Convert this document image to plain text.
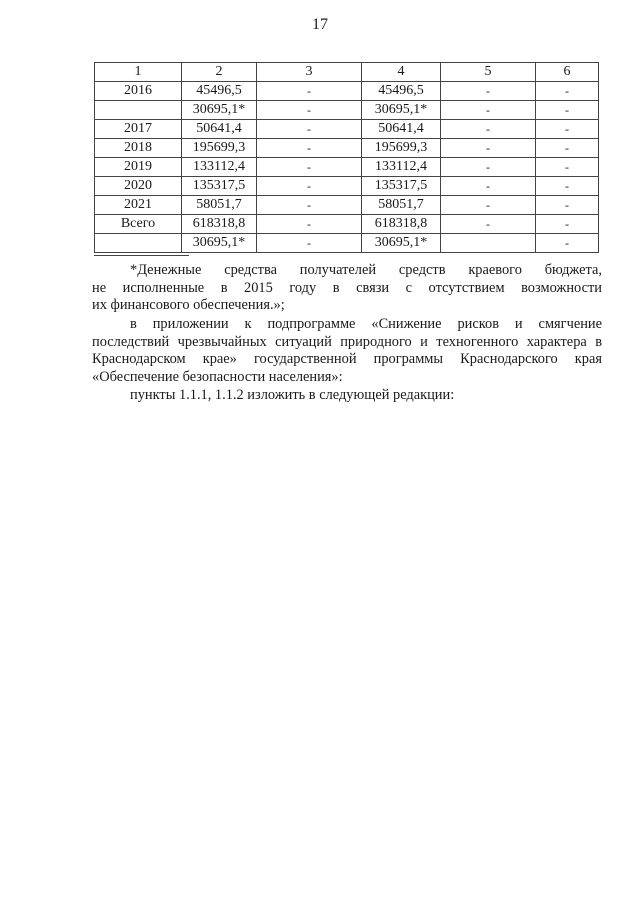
17
1	2	3	4	5	6
2016	45496,5	-	45496,5	-	-
	30695,1*	-	30695,1*	-	-
2017	50641,4	-	50641,4	-	-
2018	195699,3	-	195699,3	-	-
2019	133112,4	-	133112,4	-	-
2020	135317,5	-	135317,5	-	-
2021	58051,7	-	58051,7	-	-
Всего	618318,8	-	618318,8	-	-
	30695,1*	-	30695,1*		-
*Денежные средства получателей средств краевого бюджета,
не исполненные в 2015 году в связи с отсутствием возможности
их финансового обеспечения.»;
в приложении к подпрограмме «Снижение рисков и смягчение
последствий чрезвычайных ситуаций природного и техногенного характера в
Краснодарском крае» государственной программы Краснодарского края
«Обеспечение безопасности населения»:
пункты 1.1.1, 1.1.2 изложить в следующей редакции:
